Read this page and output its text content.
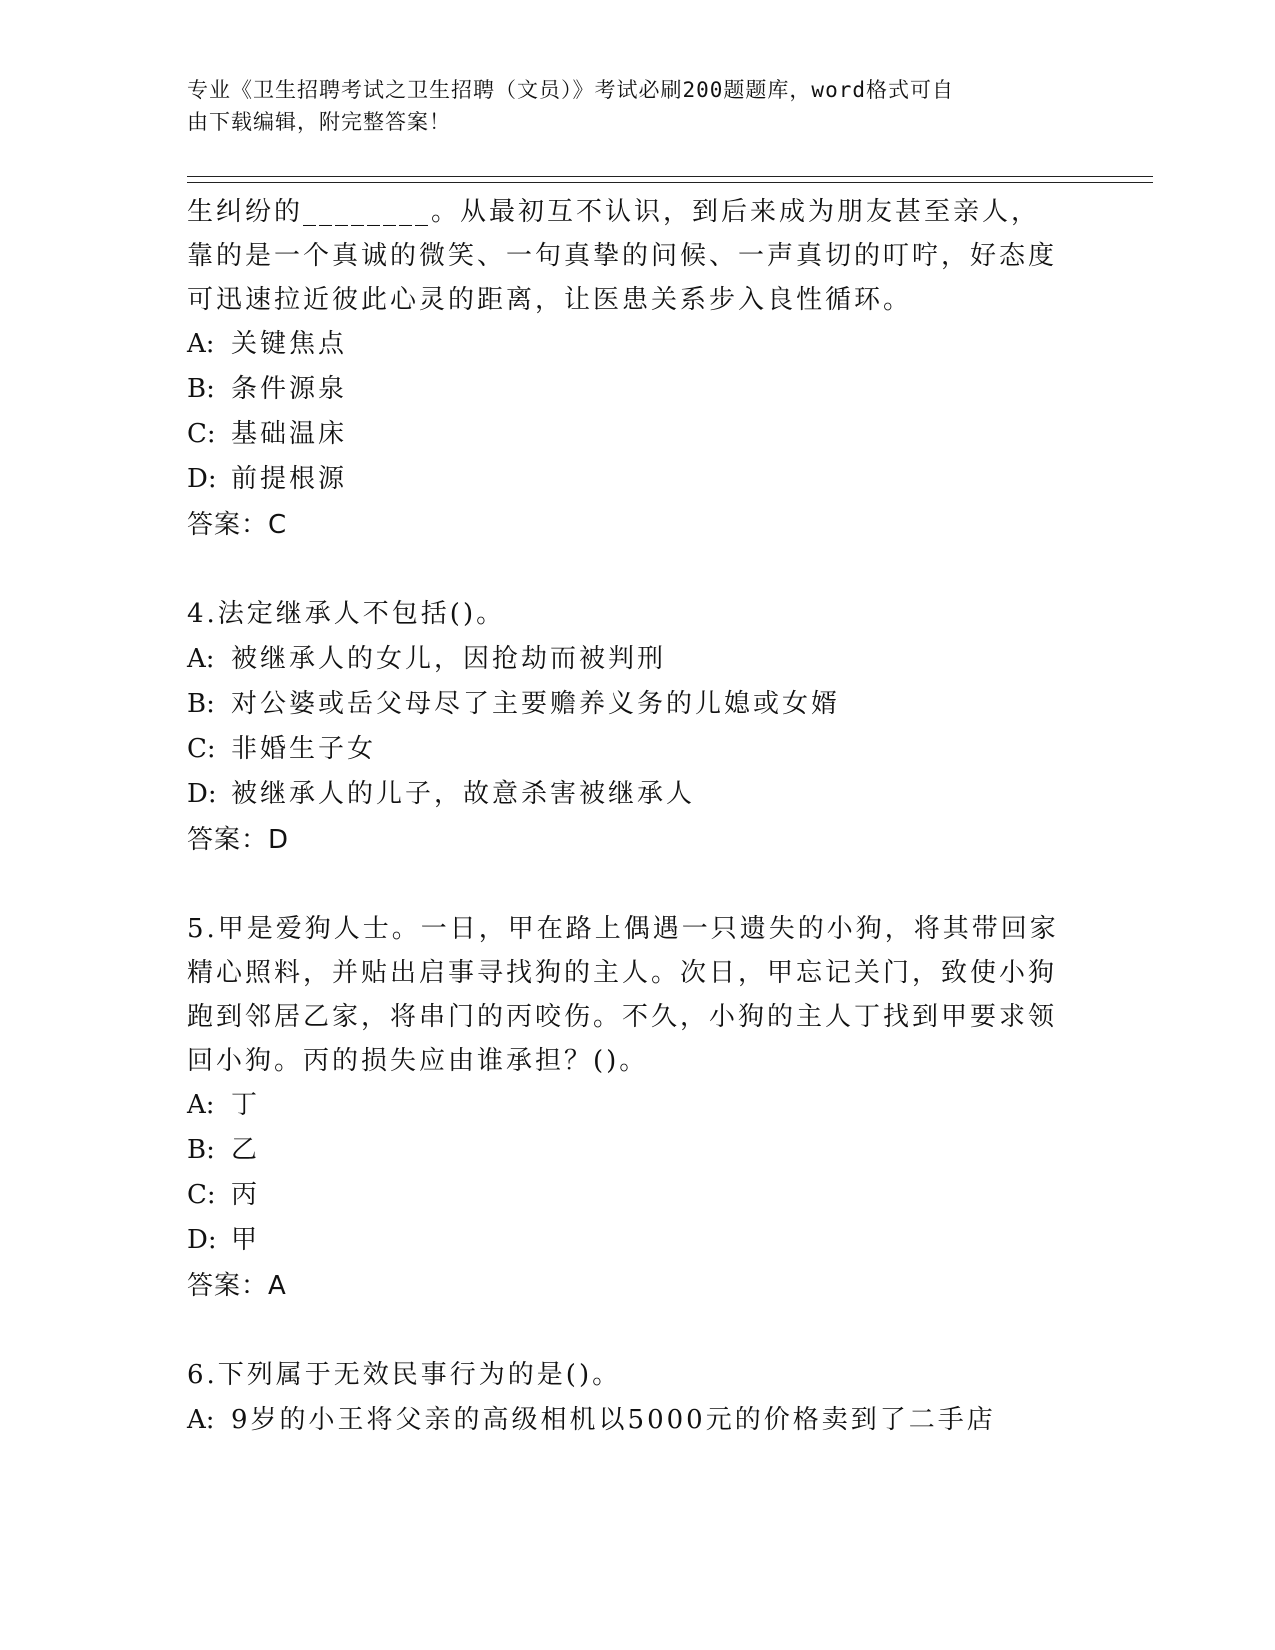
专业《卫生招聘考试之卫生招聘（文员）》考试必刷200题题库，word格式可自
由下载编辑，附完整答案！

生纠纷的________。从最初互不认识，到后来成为朋友甚至亲人，靠的是一个真诚的微笑、一句真挚的问候、一声真切的叮咛，好态度可迅速拉近彼此心灵的距离，让医患关系步入良性循环。

A: 关键焦点

B: 条件源泉

C: 基础温床

D: 前提根源

答案：C

4.法定继承人不包括()。

A: 被继承人的女儿，因抢劫而被判刑

B: 对公婆或岳父母尽了主要赡养义务的儿媳或女婿

C: 非婚生子女

D: 被继承人的儿子，故意杀害被继承人

答案：D

5.甲是爱狗人士。一日，甲在路上偶遇一只遗失的小狗，将其带回家精心照料，并贴出启事寻找狗的主人。次日，甲忘记关门，致使小狗跑到邻居乙家，将串门的丙咬伤。不久，小狗的主人丁找到甲要求领回小狗。丙的损失应由谁承担？()。

A: 丁

B: 乙

C: 丙

D: 甲

答案：A

6.下列属于无效民事行为的是()。

A: 9岁的小王将父亲的高级相机以5000元的价格卖到了二手店
